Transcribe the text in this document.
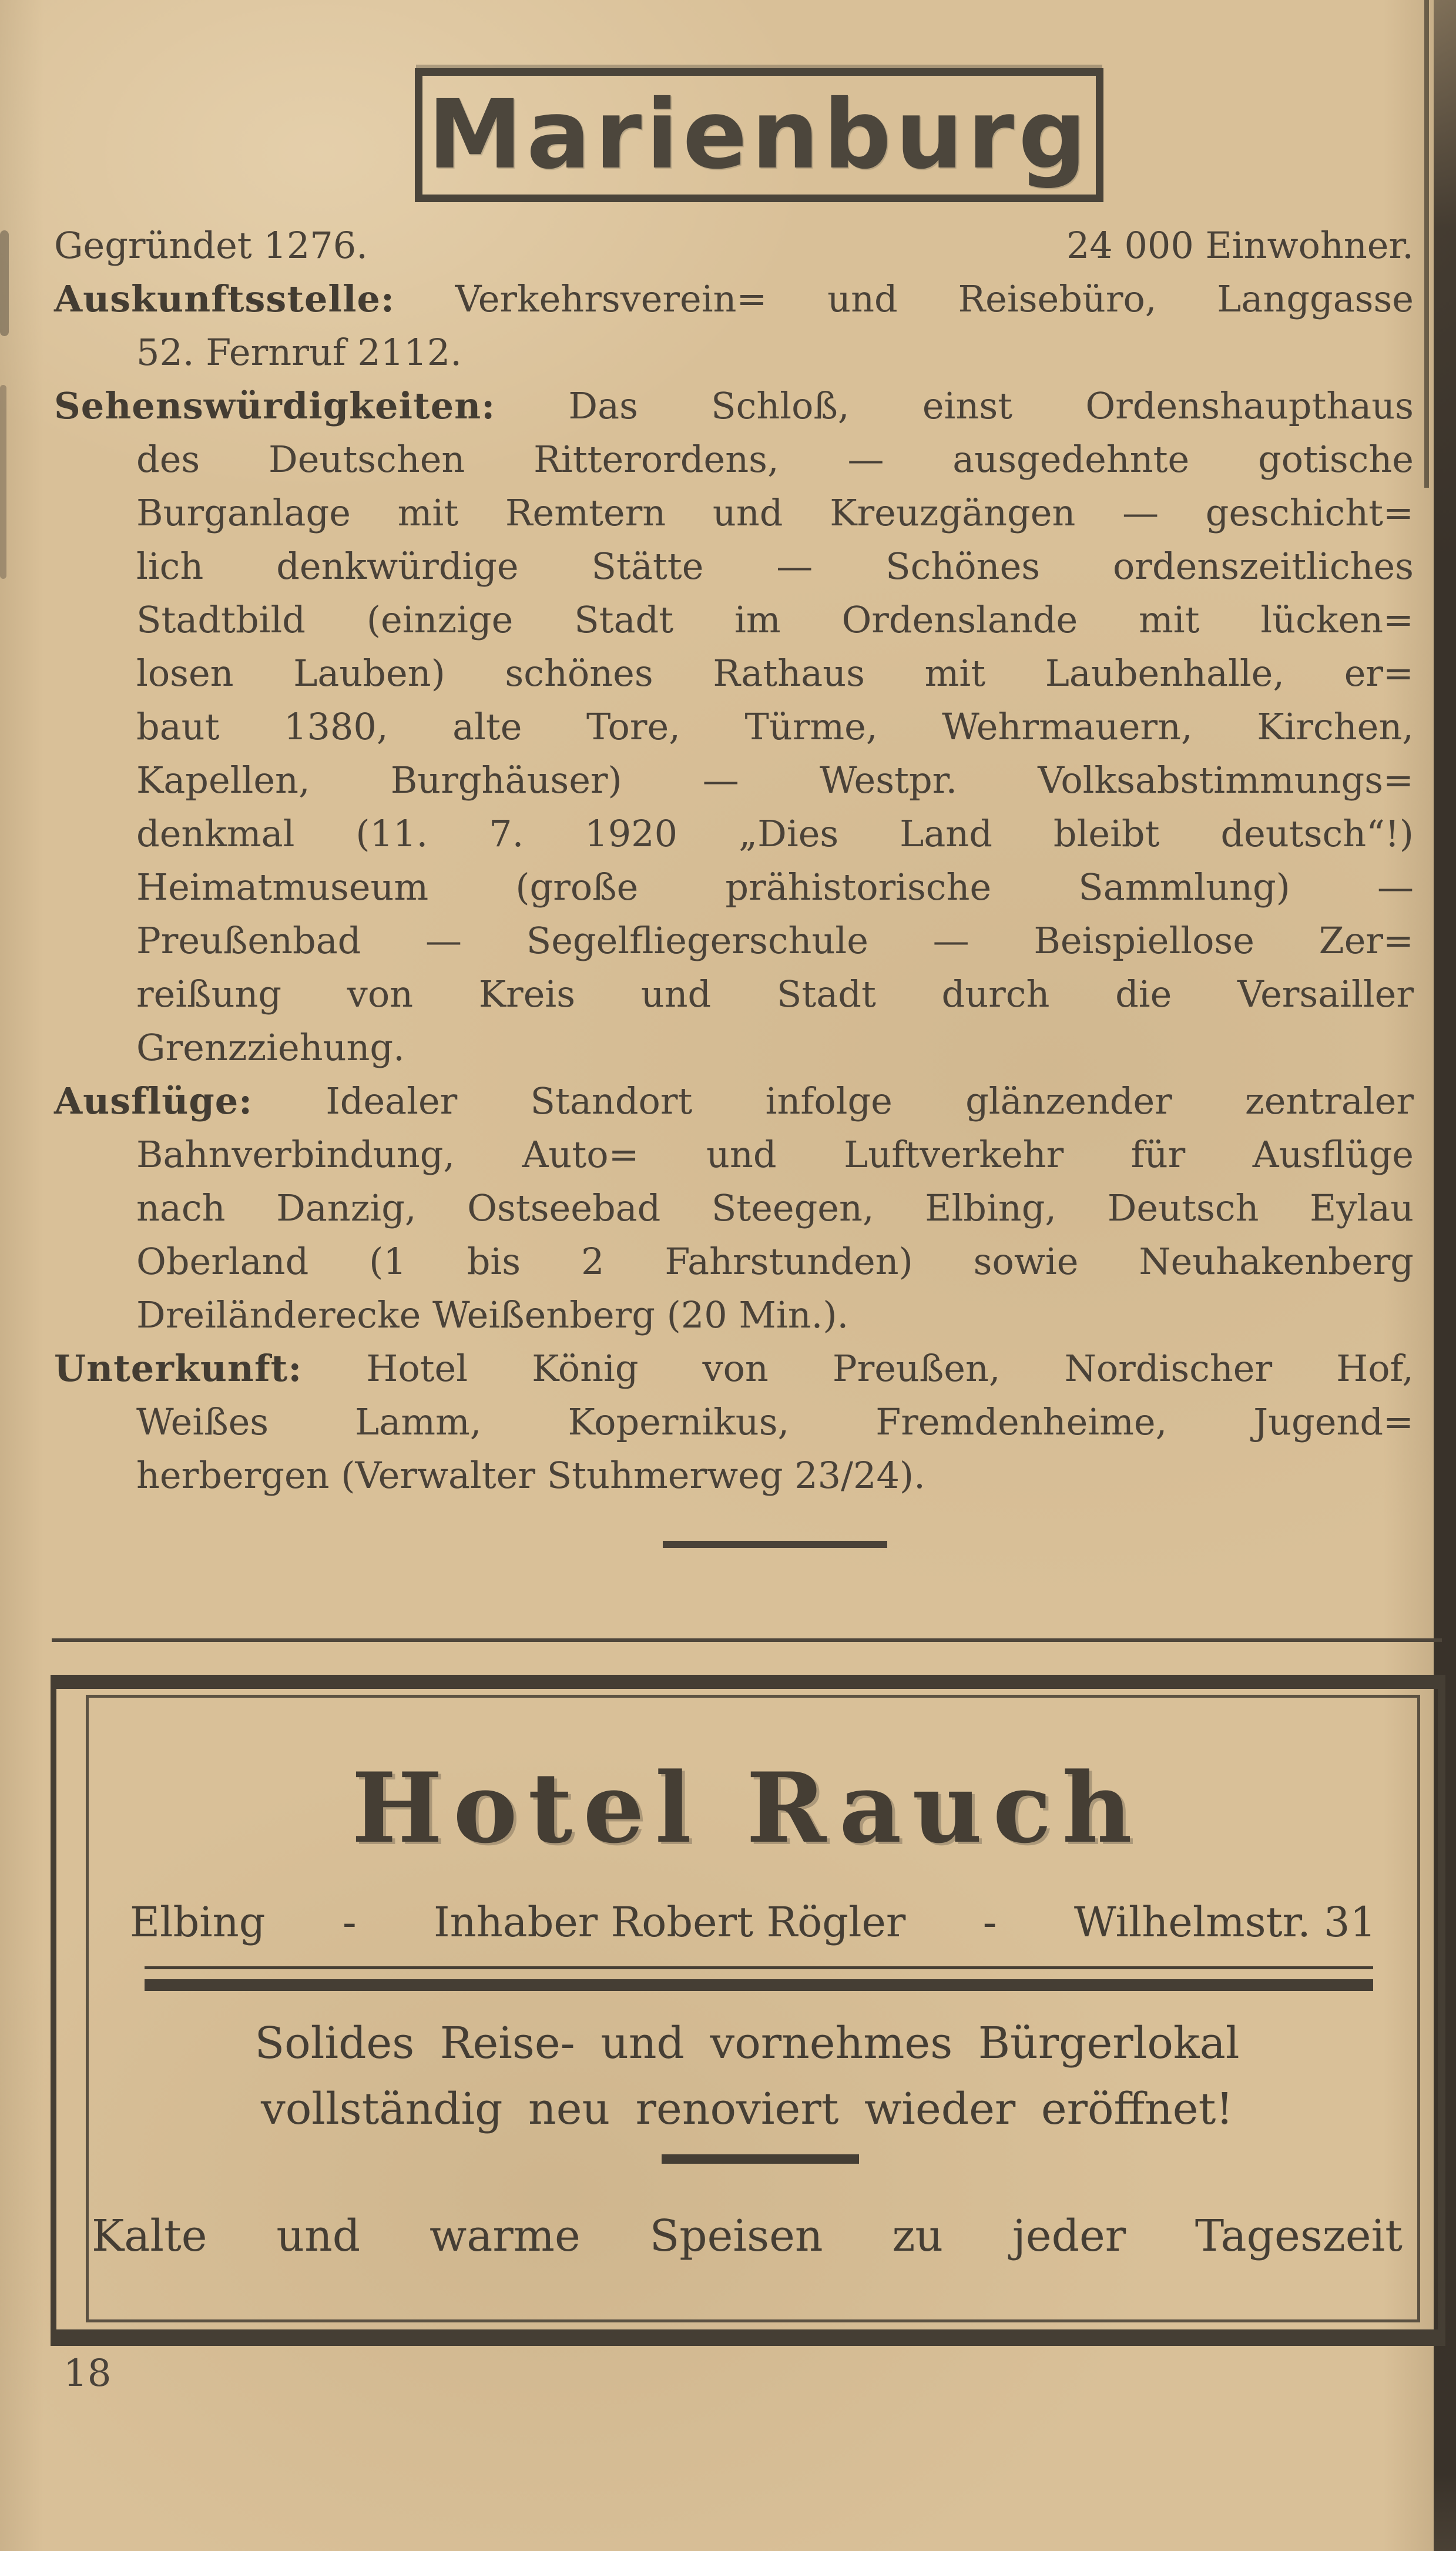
Marienburg
Gegründet 1276.	24 000 Einwohner.
Auskunftsstelle: Verkehrsverein= und Reisebüro, Langgasse
52. Fernruf 2112.
Sehenswürdigkeiten: Das Schloß, einst Ordenshaupthaus
des Deutschen Ritterordens, — ausgedehnte gotische
Burganlage mit Remtern und Kreuzgängen — geschicht=
lich denkwürdige Stätte — Schönes ordenszeitliches
Stadtbild (einzige Stadt im Ordenslande mit lücken=
losen Lauben) schönes Rathaus mit Laubenhalle, er=
baut 1380, alte Tore, Türme, Wehrmauern, Kirchen,
Kapellen, Burghäuser) — Westpr. Volksabstimmungs=
denkmal (11. 7. 1920 „Dies Land bleibt deutsch“!)
Heimatmuseum (große prähistorische Sammlung) —
Preußenbad — Segelfliegerschule — Beispiellose Zer=
reißung von Kreis und Stadt durch die Versailler
Grenzziehung.
Ausflüge: Idealer Standort infolge glänzender zentraler
Bahnverbindung, Auto= und Luftverkehr für Ausflüge
nach Danzig, Ostseebad Steegen, Elbing, Deutsch Eylau
Oberland (1 bis 2 Fahrstunden) sowie Neuhakenberg
Dreiländerecke Weißenberg (20 Min.).
Unterkunft: Hotel König von Preußen, Nordischer Hof,
Weißes Lamm, Kopernikus, Fremdenheime, Jugend=
herbergen (Verwalter Stuhmerweg 23/24).
Hotel Rauch
Elbing - Inhaber Robert Rögler - Wilhelmstr. 31
Solides Reise- und vornehmes Bürgerlokal
vollständig neu renoviert wieder eröffnet!
Kalte und warme Speisen zu jeder Tageszeit
18
